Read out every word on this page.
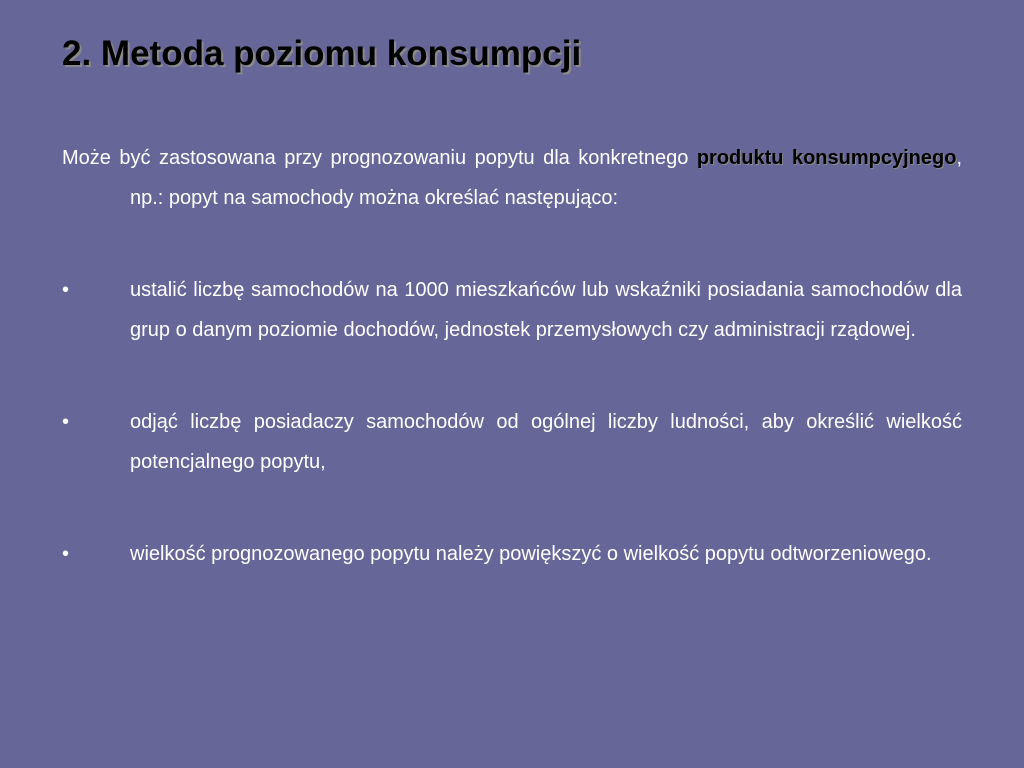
2. Metoda poziomu konsumpcji

Może być zastosowana przy prognozowaniu popytu dla konkretnego produktu konsumpcyjnego, np.: popyt na samochody można określać następująco:

•	ustalić liczbę samochodów na 1000 mieszkańców lub wskaźniki posiadania samochodów dla grup o danym poziomie dochodów, jednostek przemysłowych czy administracji rządowej.
•	odjąć liczbę posiadaczy samochodów od ogólnej liczby ludności, aby określić wielkość potencjalnego popytu,
•	wielkość prognozowanego popytu należy powiększyć o wielkość popytu odtworzeniowego.
